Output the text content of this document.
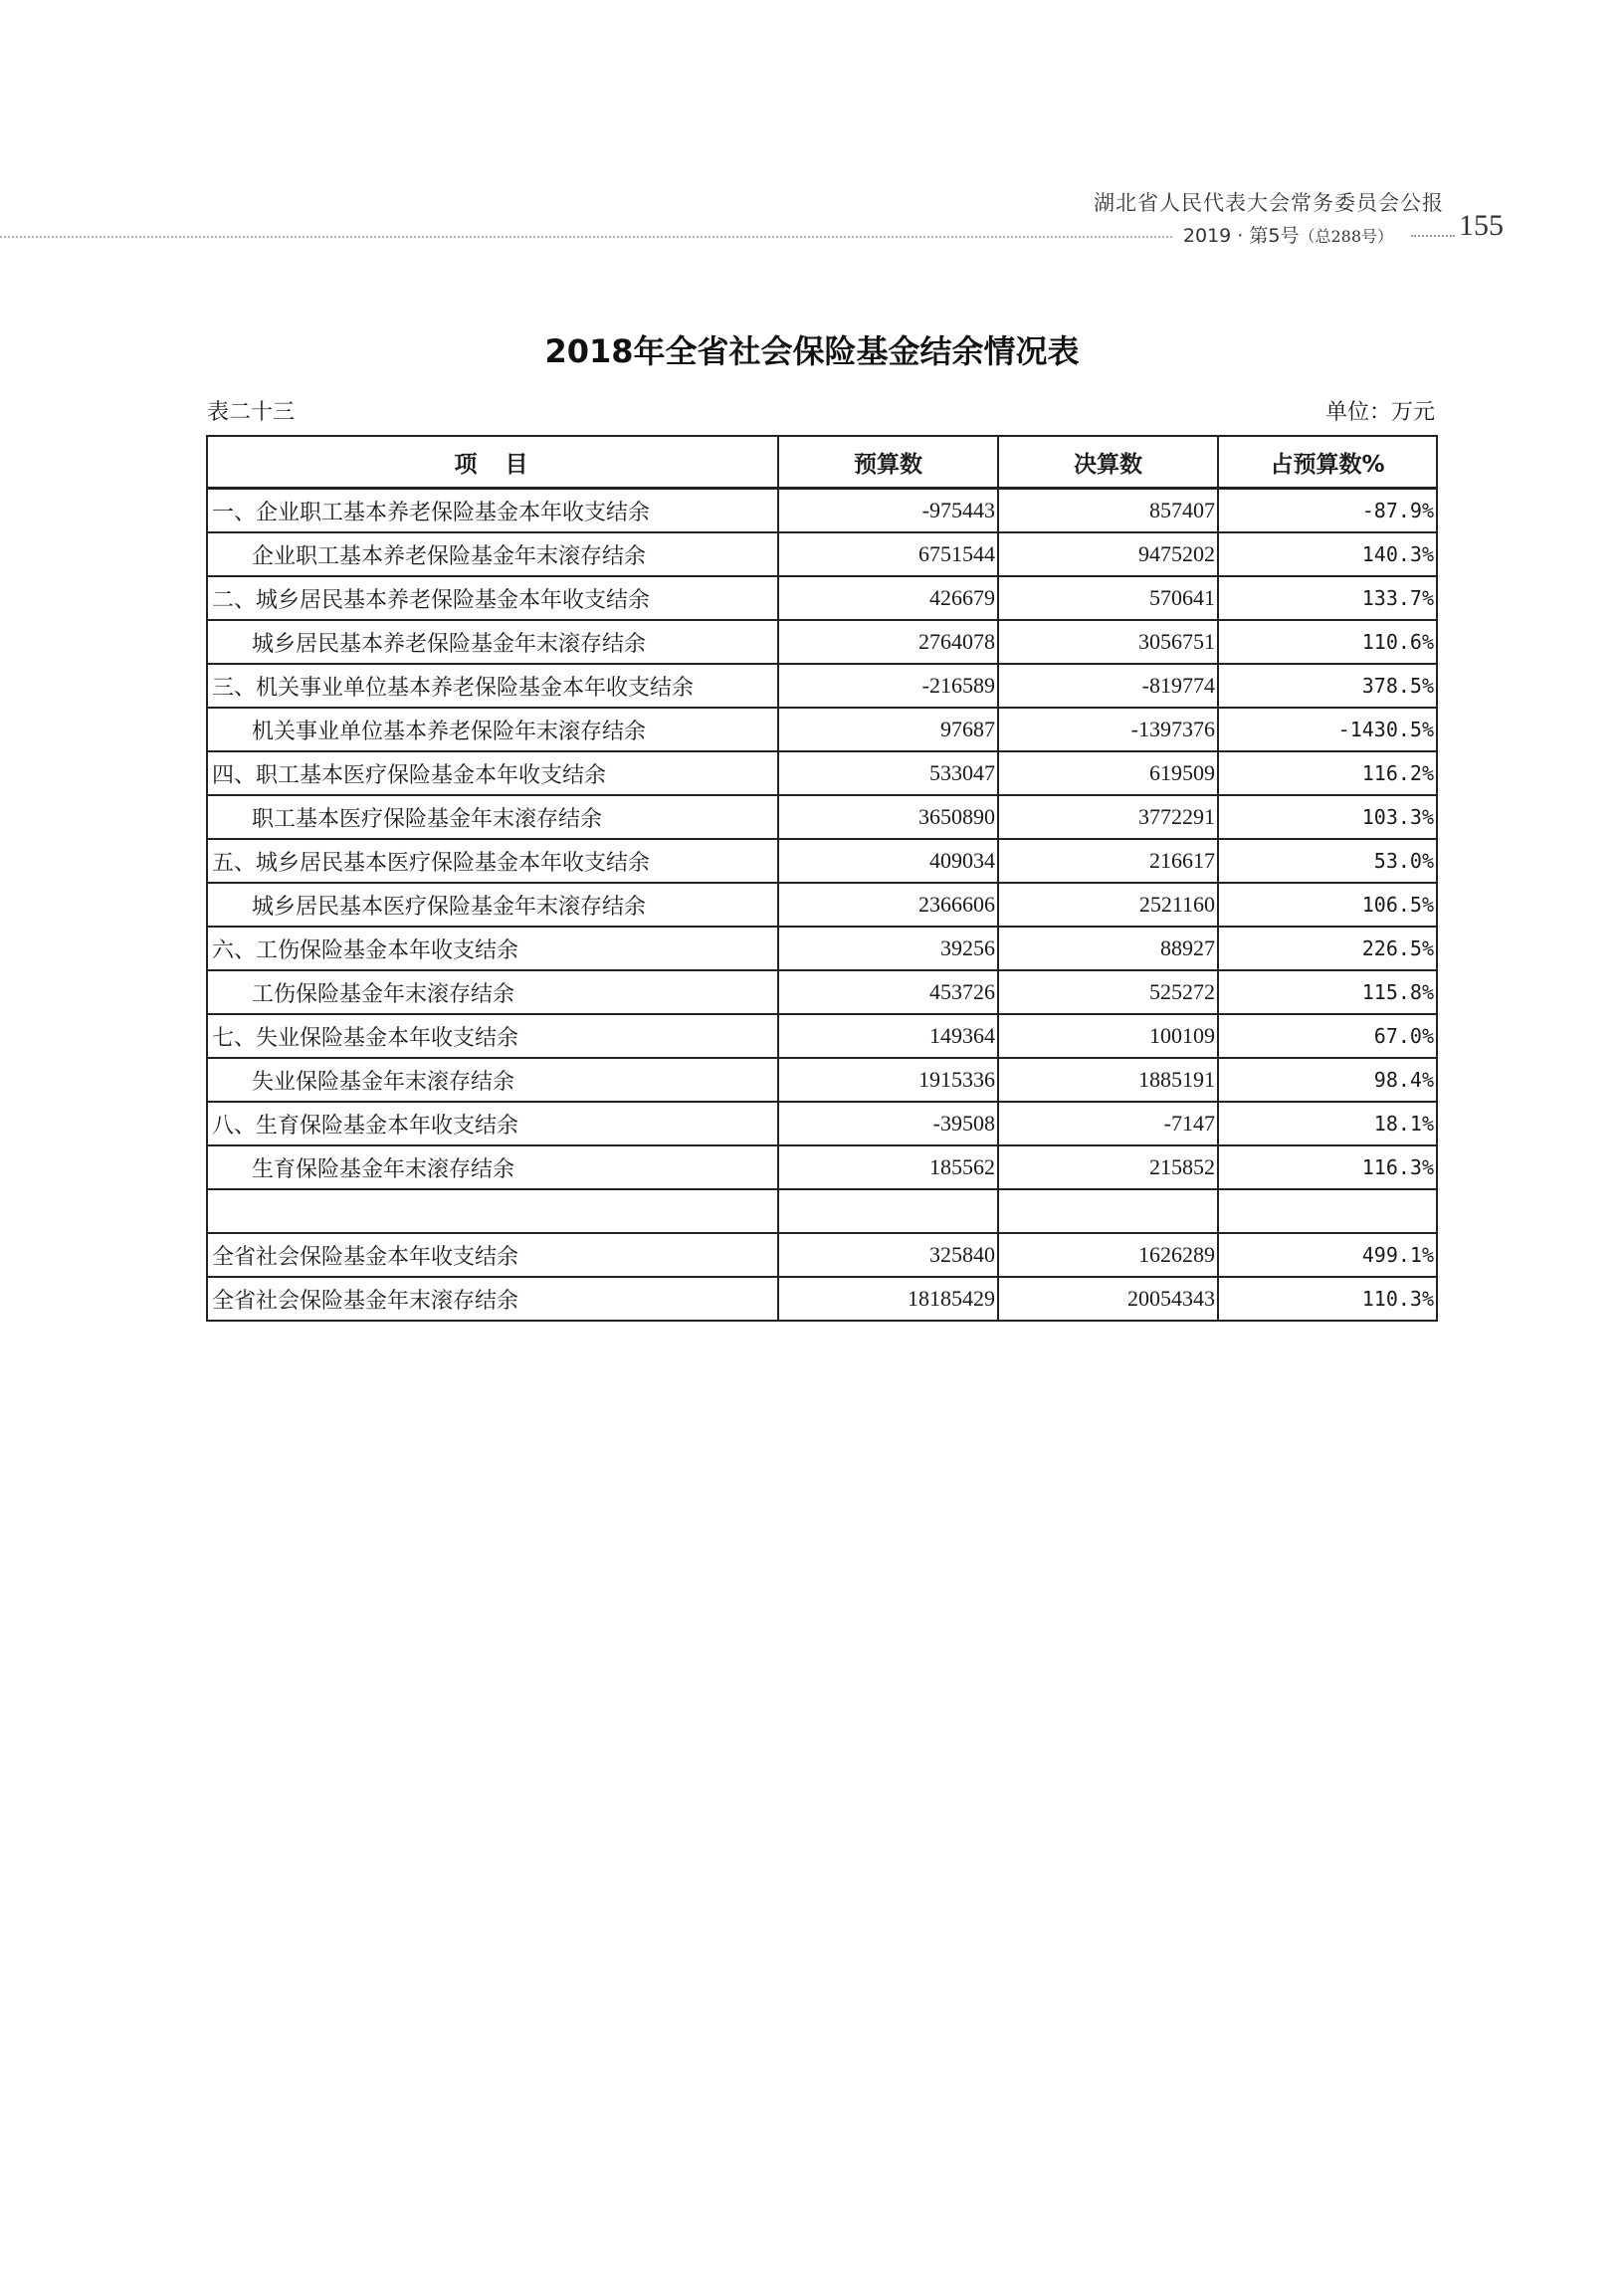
湖北省人民代表大会常务委员会公报
2019 · 第5号（总288号） 155
2018年全省社会保险基金结余情况表
表二十三	单位：万元
项目	预算数	决算数	占预算数%
一、企业职工基本养老保险基金本年收支结余	-975443	857407	-87.9%
企业职工基本养老保险基金年末滚存结余	6751544	9475202	140.3%
二、城乡居民基本养老保险基金本年收支结余	426679	570641	133.7%
城乡居民基本养老保险基金年末滚存结余	2764078	3056751	110.6%
三、机关事业单位基本养老保险基金本年收支结余	-216589	-819774	378.5%
机关事业单位基本养老保险年末滚存结余	97687	-1397376	-1430.5%
四、职工基本医疗保险基金本年收支结余	533047	619509	116.2%
职工基本医疗保险基金年末滚存结余	3650890	3772291	103.3%
五、城乡居民基本医疗保险基金本年收支结余	409034	216617	53.0%
城乡居民基本医疗保险基金年末滚存结余	2366606	2521160	106.5%
六、工伤保险基金本年收支结余	39256	88927	226.5%
工伤保险基金年末滚存结余	453726	525272	115.8%
七、失业保险基金本年收支结余	149364	100109	67.0%
失业保险基金年末滚存结余	1915336	1885191	98.4%
八、生育保险基金本年收支结余	-39508	-7147	18.1%
生育保险基金年末滚存结余	185562	215852	116.3%

全省社会保险基金本年收支结余	325840	1626289	499.1%
全省社会保险基金年末滚存结余	18185429	20054343	110.3%
